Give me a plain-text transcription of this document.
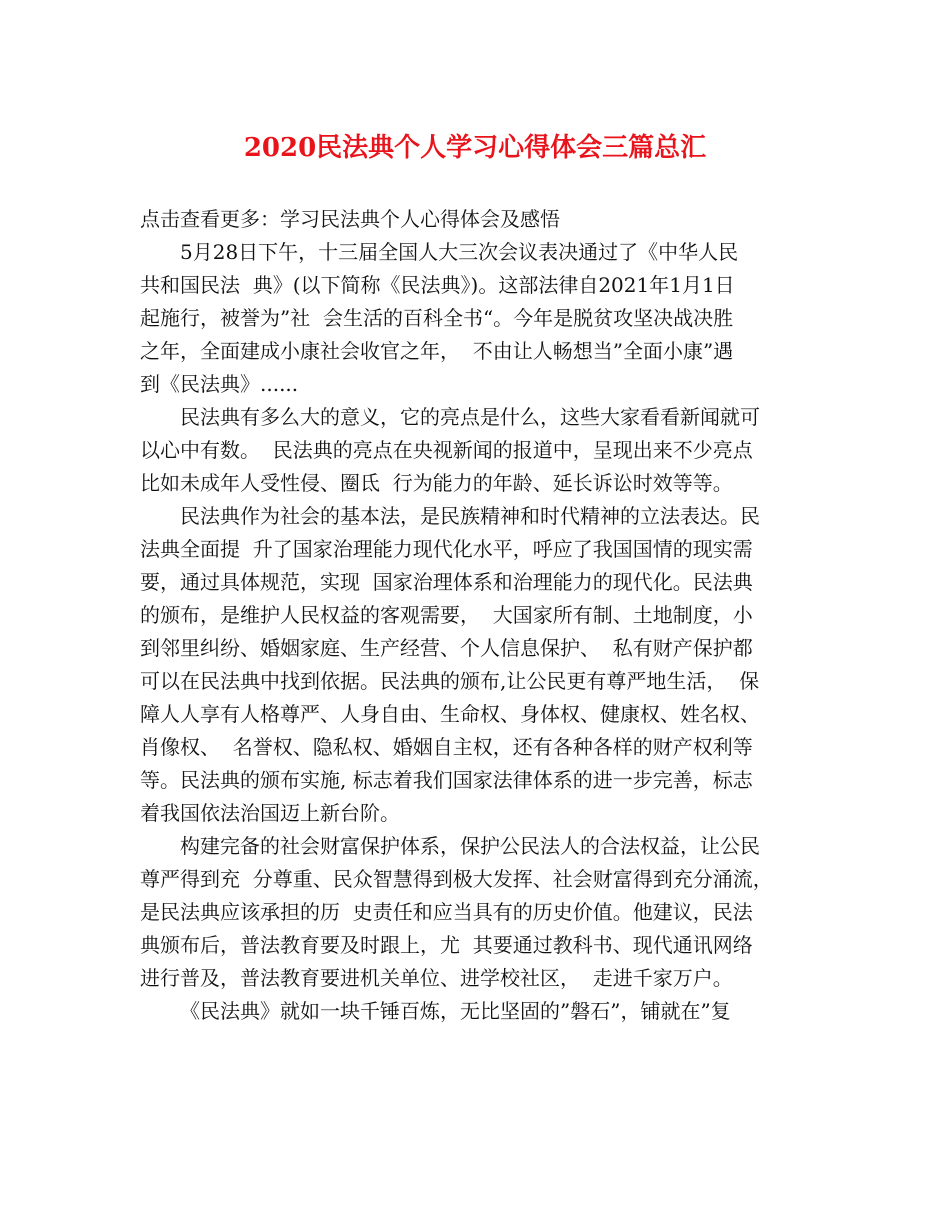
2020民法典个人学习心得体会三篇总汇
点击查看更多：学习民法典个人心得体会及感悟
5月28日下午，十三届全国人大三次会议表决通过了《中华人民
共和国民法  典》(以下简称《民法典》)。这部法律自2021年1月1日
起施行，被誉为”社  会生活的百科全书“。今年是脱贫攻坚决战决胜
之年，全面建成小康社会收官之年，  不由让人畅想当”全面小康”遇
到《民法典》......
民法典有多么大的意义，它的亮点是什么，这些大家看看新闻就可
以心中有数。  民法典的亮点在央视新闻的报道中，呈现出来不少亮点
比如未成年人受性侵、圈氐  行为能力的年龄、延长诉讼时效等等。
民法典作为社会的基本法，是民族精神和时代精神的立法表达。民
法典全面提  升了国家治理能力现代化水平，呼应了我国国情的现实需
要，通过具体规范，实现  国家治理体系和治理能力的现代化。民法典
的颁布，是维护人民权益的客观需要，  大国家所有制、土地制度，小
到邻里纠纷、婚姻家庭、生产经营、个人信息保护、  私有财产保护都
可以在民法典中找到依据。民法典的颁布,让公民更有尊严地生活，  保
障人人享有人格尊严、人身自由、生命权、身体权、健康权、姓名权、
肖像权、  名誉权、隐私权、婚姻自主权，还有各种各样的财产权利等
等。民法典的颁布实施, 标志着我们国家法律体系的进一步完善，标志
着我国依法治国迈上新台阶。
构建完备的社会财富保护体系，保护公民法人的合法权益，让公民
尊严得到充  分尊重、民众智慧得到极大发挥、社会财富得到充分涌流，
是民法典应该承担的历  史责任和应当具有的历史价值。他建议，民法
典颁布后，普法教育要及时跟上，尤  其要通过教科书、现代通讯网络
进行普及，普法教育要进机关单位、进学校社区，  走进千家万户。
《民法典》就如一块千锤百炼，无比坚固的”磐石”，铺就在”复
